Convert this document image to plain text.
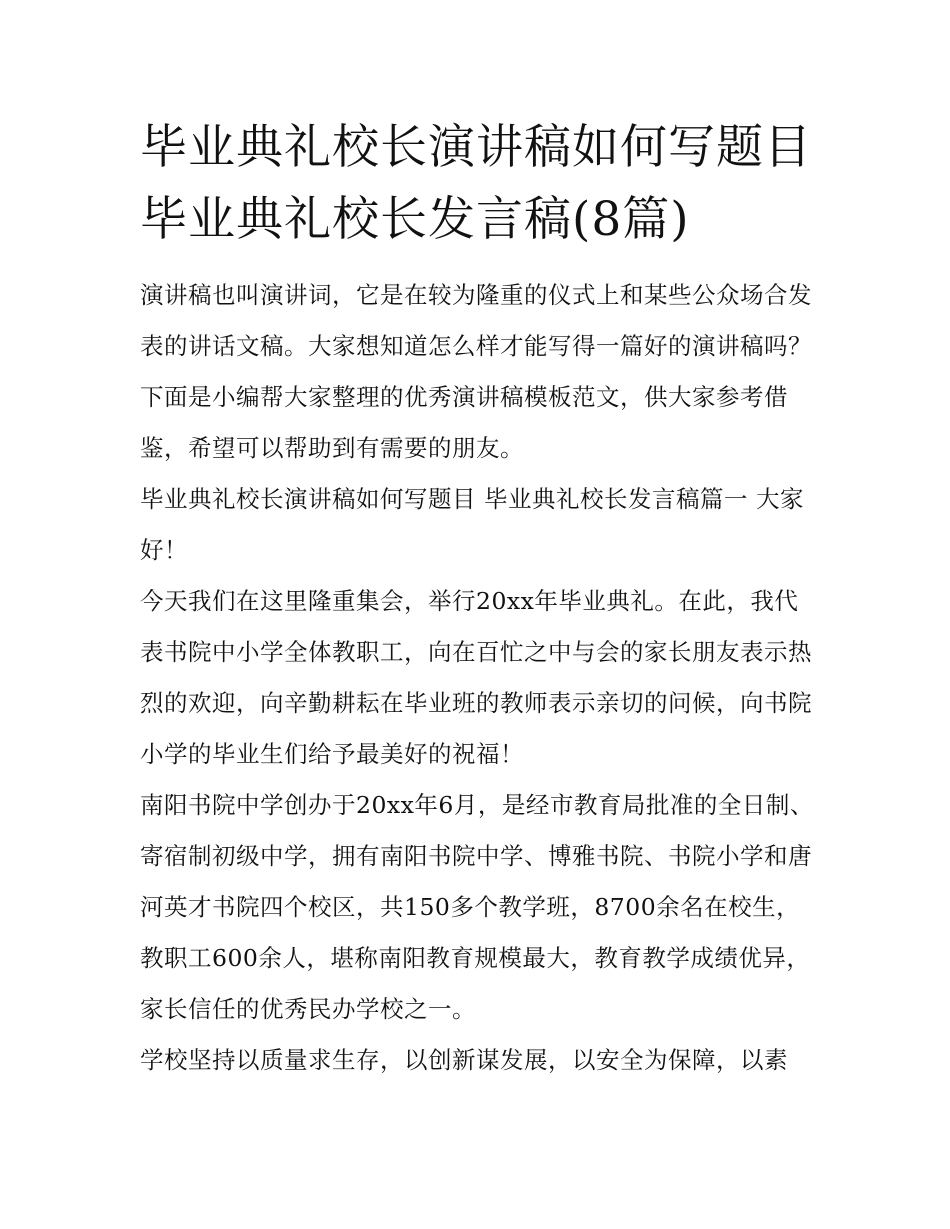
毕业典礼校长演讲稿如何写题目 毕业典礼校长发言稿(8篇)

演讲稿也叫演讲词，它是在较为隆重的仪式上和某些公众场合发表的讲话文稿。大家想知道怎么样才能写得一篇好的演讲稿吗？下面是小编帮大家整理的优秀演讲稿模板范文，供大家参考借鉴，希望可以帮助到有需要的朋友。

毕业典礼校长演讲稿如何写题目 毕业典礼校长发言稿篇一 大家好！

今天我们在这里隆重集会，举行20xx年毕业典礼。在此，我代表书院中小学全体教职工，向在百忙之中与会的家长朋友表示热烈的欢迎，向辛勤耕耘在毕业班的教师表示亲切的问候，向书院小学的毕业生们给予最美好的祝福！

南阳书院中学创办于20xx年6月，是经市教育局批准的全日制、寄宿制初级中学，拥有南阳书院中学、博雅书院、书院小学和唐河英才书院四个校区，共150多个教学班，8700余名在校生，教职工600余人，堪称南阳教育规模最大，教育教学成绩优异，家长信任的优秀民办学校之一。

学校坚持以质量求生存，以创新谋发展，以安全为保障，以素
